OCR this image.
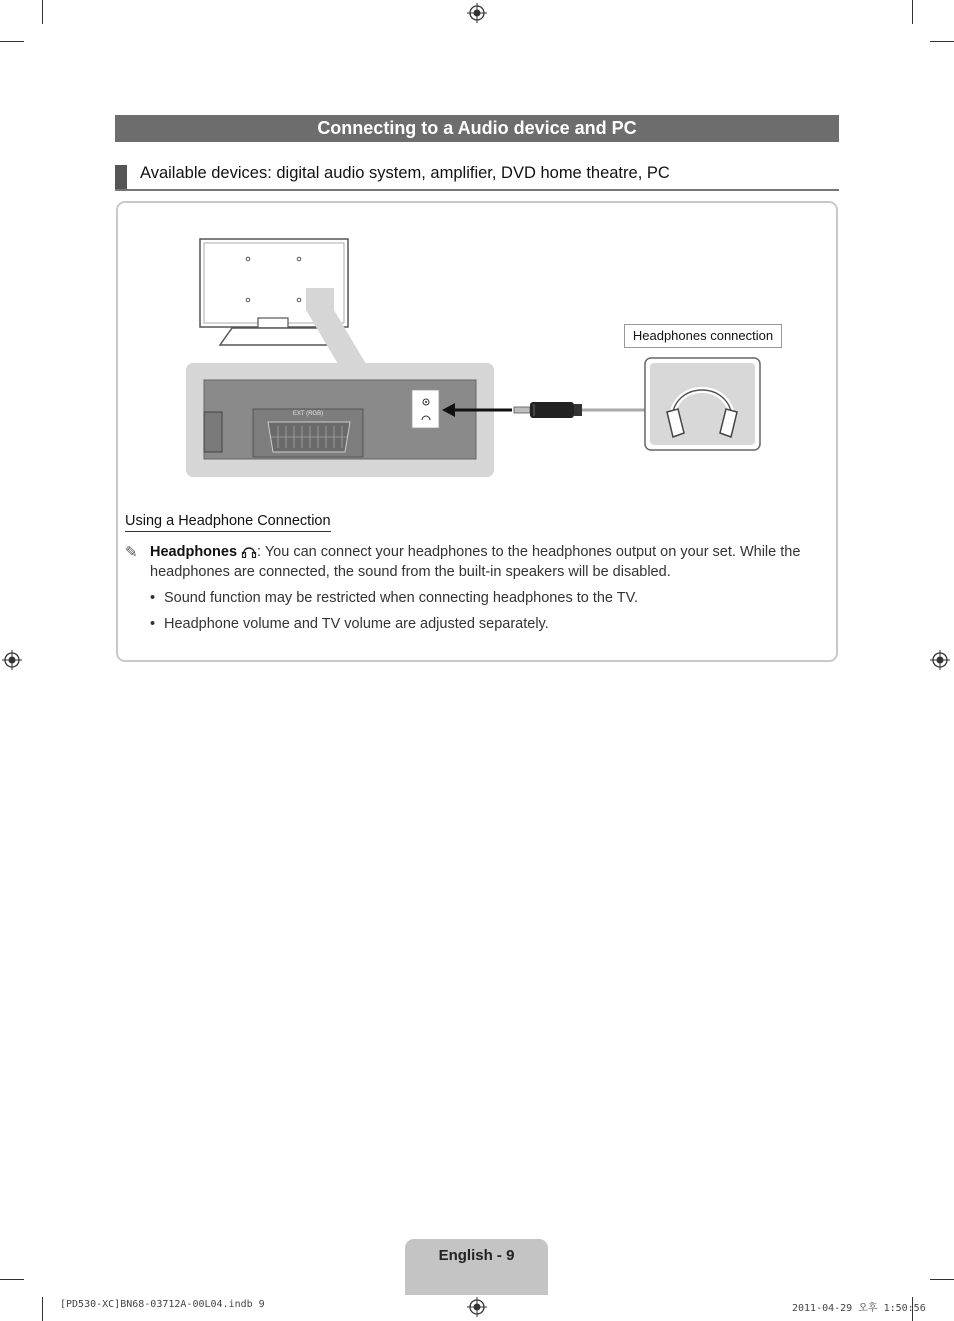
Connecting to a Audio device and PC
Available devices: digital audio system, amplifier, DVD home theatre, PC
EXT (RGB)
Headphones connection
Using a Headphone Connection
✎ Headphones : You can connect your headphones to the headphones output on your set. While the headphones are connected, the sound from the built-in speakers will be disabled.
• Sound function may be restricted when connecting headphones to the TV.
• Headphone volume and TV volume are adjusted separately.
English - 9
[PD530-XC]BN68-03712A-00L04.indb 9	2011-04-29 오후 1:50:56
